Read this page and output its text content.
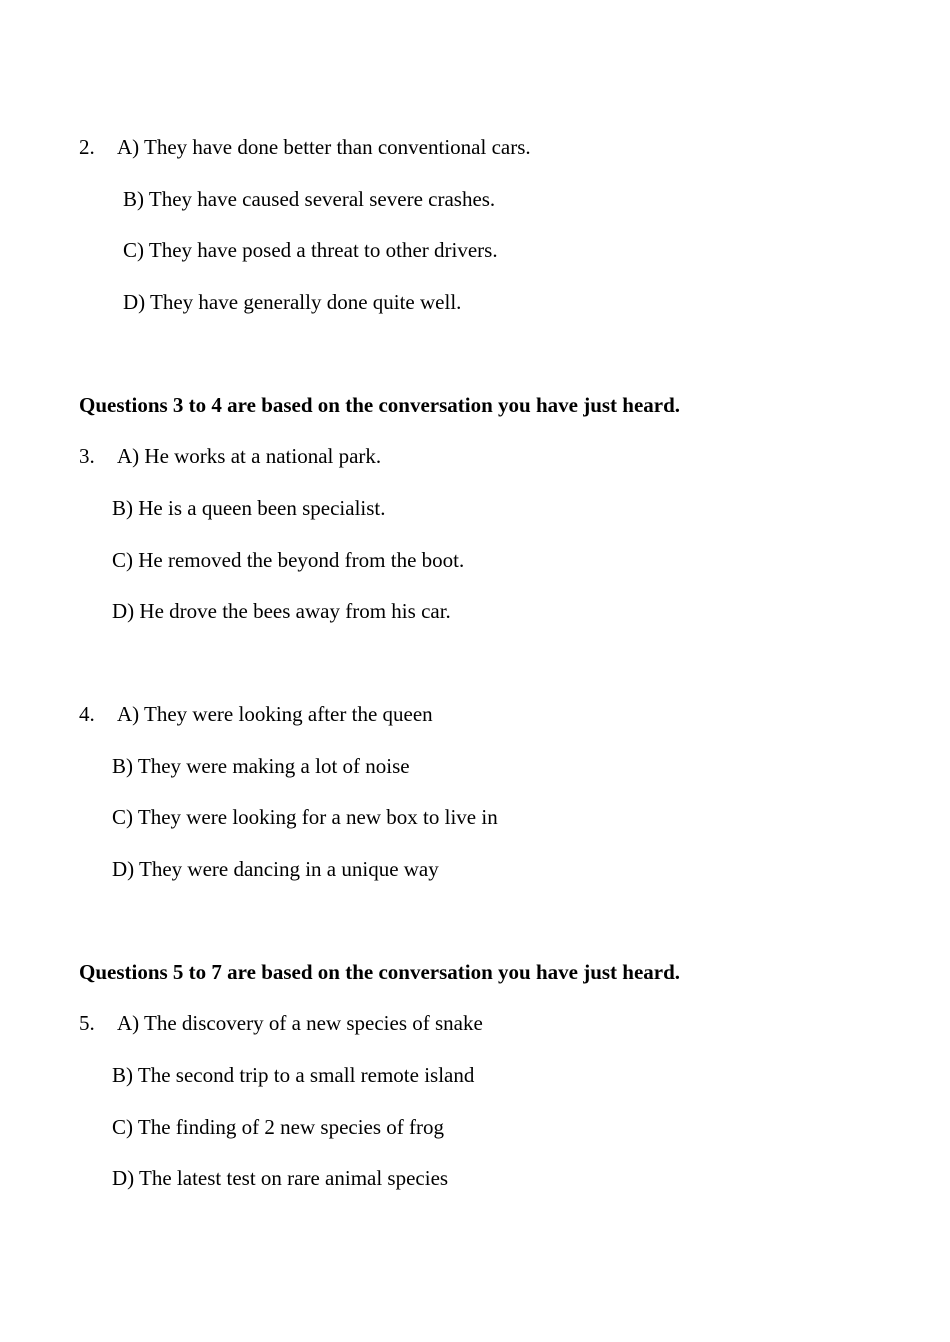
2. A) They have done better than conventional cars.
B) They have caused several severe crashes.
C) They have posed a threat to other drivers.
D) They have generally done quite well.
Questions 3 to 4 are based on the conversation you have just heard.
3. A) He works at a national park.
B) He is a queen been specialist.
C) He removed the beyond from the boot.
D) He drove the bees away from his car.
4. A) They were looking after the queen
B) They were making a lot of noise
C) They were looking for a new box to live in
D) They were dancing in a unique way
Questions 5 to 7 are based on the conversation you have just heard.
5. A) The discovery of a new species of snake
B) The second trip to a small remote island
C) The finding of 2 new species of frog
D) The latest test on rare animal species
